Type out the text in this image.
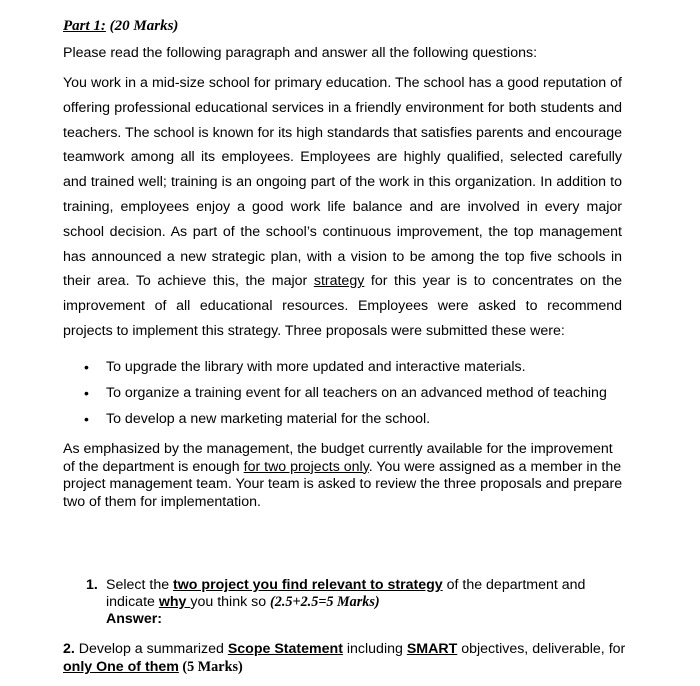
Part 1: (20 Marks)
Please read the following paragraph and answer all the following questions:
You work in a mid-size school for primary education. The school has a good reputation of offering professional educational services in a friendly environment for both students and teachers. The school is known for its high standards that satisfies parents and encourage teamwork among all its employees. Employees are highly qualified, selected carefully and trained well; training is an ongoing part of the work in this organization. In addition to training, employees enjoy a good work life balance and are involved in every major school decision. As part of the school’s continuous improvement, the top management has announced a new strategic plan, with a vision to be among the top five schools in their area. To achieve this, the major strategy for this year is to concentrates on the improvement of all educational resources. Employees were asked to recommend projects to implement this strategy. Three proposals were submitted these were:
• To upgrade the library with more updated and interactive materials.
• To organize a training event for all teachers on an advanced method of teaching
• To develop a new marketing material for the school.
As emphasized by the management, the budget currently available for the improvement of the department is enough for two projects only. You were assigned as a member in the project management team. Your team is asked to review the three proposals and prepare two of them for implementation.
1. Select the two project you find relevant to strategy of the department and indicate why you think so (2.5+2.5=5 Marks)
Answer:
2. Develop a summarized Scope Statement including SMART objectives, deliverable, for only One of them (5 Marks)
